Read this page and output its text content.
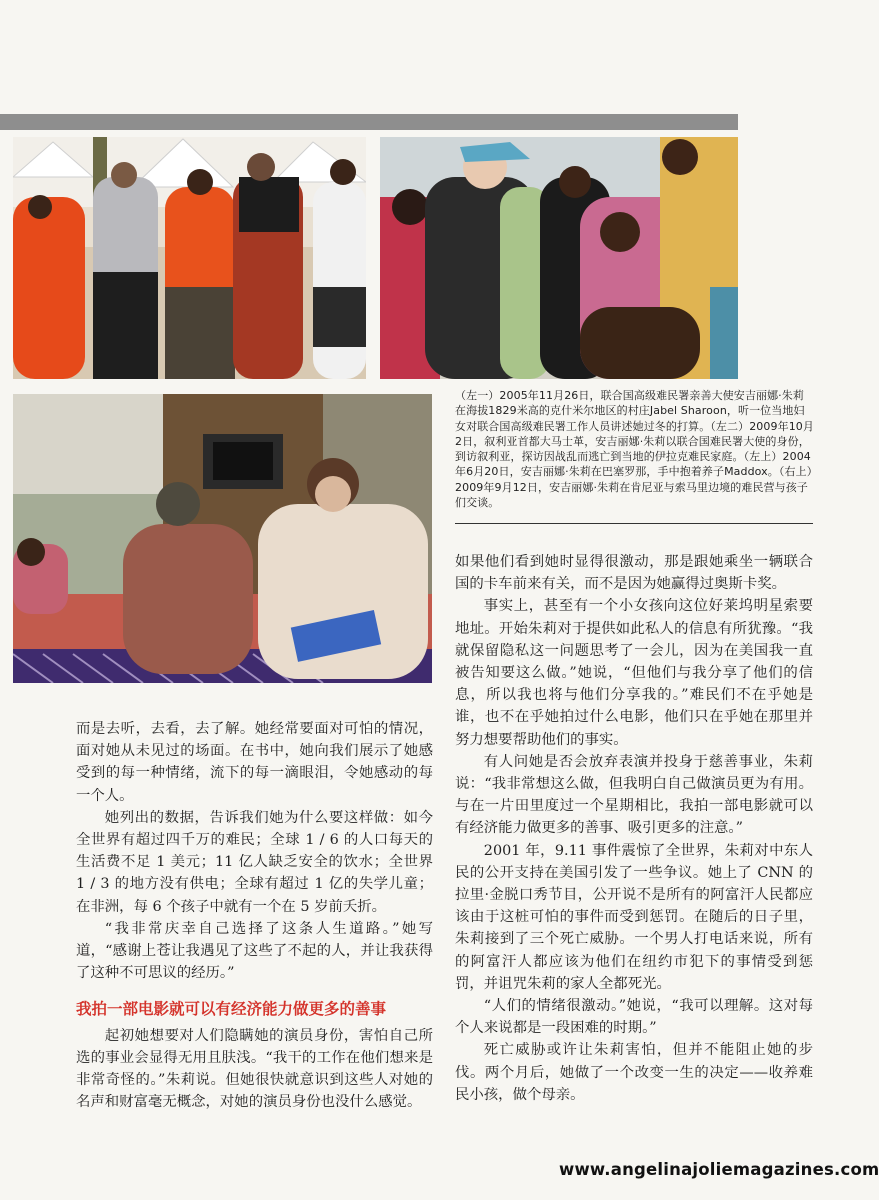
（左一）2005年11月26日，联合国高级难民署亲善大使安吉丽娜·朱莉在海拔1829米高的克什米尔地区的村庄Jabel Sharoon，听一位当地妇女对联合国高级难民署工作人员讲述她过冬的打算。（左二）2009年10月2日，叙利亚首都大马士革，安吉丽娜·朱莉以联合国难民署大使的身份，到访叙利亚，探访因战乱而逃亡到当地的伊拉克难民家庭。（左上）2004年6月20日，安吉丽娜·朱莉在巴塞罗那，手中抱着养子Maddox。（右上）2009年9月12日，安吉丽娜·朱莉在肯尼亚与索马里边境的难民营与孩子们交谈。

而是去听，去看，去了解。她经常要面对可怕的情况，面对她从未见过的场面。在书中，她向我们展示了她感受到的每一种情绪，流下的每一滴眼泪，令她感动的每一个人。

她列出的数据，告诉我们她为什么要这样做：如今全世界有超过四千万的难民；全球 1 / 6 的人口每天的生活费不足 1 美元；11 亿人缺乏安全的饮水；全世界 1 / 3 的地方没有供电；全球有超过 1 亿的失学儿童；在非洲，每 6 个孩子中就有一个在 5 岁前夭折。

“我非常庆幸自己选择了这条人生道路。”她写道，“感谢上苍让我遇见了这些了不起的人，并让我获得了这种不可思议的经历。”

我拍一部电影就可以有经济能力做更多的善事

起初她想要对人们隐瞒她的演员身份，害怕自己所选的事业会显得无用且肤浅。“我干的工作在他们想来是非常奇怪的。”朱莉说。但她很快就意识到这些人对她的名声和财富毫无概念，对她的演员身份也没什么感觉。

如果他们看到她时显得很激动，那是跟她乘坐一辆联合国的卡车前来有关，而不是因为她赢得过奥斯卡奖。

事实上，甚至有一个小女孩向这位好莱坞明星索要地址。开始朱莉对于提供如此私人的信息有所犹豫。“我就保留隐私这一问题思考了一会儿，因为在美国我一直被告知要这么做。”她说，“但他们与我分享了他们的信息，所以我也将与他们分享我的。”难民们不在乎她是谁，也不在乎她拍过什么电影，他们只在乎她在那里并努力想要帮助他们的事实。

有人问她是否会放弃表演并投身于慈善事业，朱莉说：“我非常想这么做，但我明白自己做演员更为有用。与在一片田里度过一个星期相比，我拍一部电影就可以有经济能力做更多的善事、吸引更多的注意。”

2001 年，9.11 事件震惊了全世界，朱莉对中东人民的公开支持在美国引发了一些争议。她上了 CNN 的拉里·金脱口秀节目，公开说不是所有的阿富汗人民都应该由于这桩可怕的事件而受到惩罚。在随后的日子里，朱莉接到了三个死亡威胁。一个男人打电话来说，所有的阿富汗人都应该为他们在纽约市犯下的事情受到惩罚，并诅咒朱莉的家人全都死光。

“人们的情绪很激动。”她说，“我可以理解。这对每个人来说都是一段困难的时期。”

死亡威胁或许让朱莉害怕，但并不能阻止她的步伐。两个月后，她做了一个改变一生的决定——收养难民小孩，做个母亲。

www.angelinajoliemagazines.com
